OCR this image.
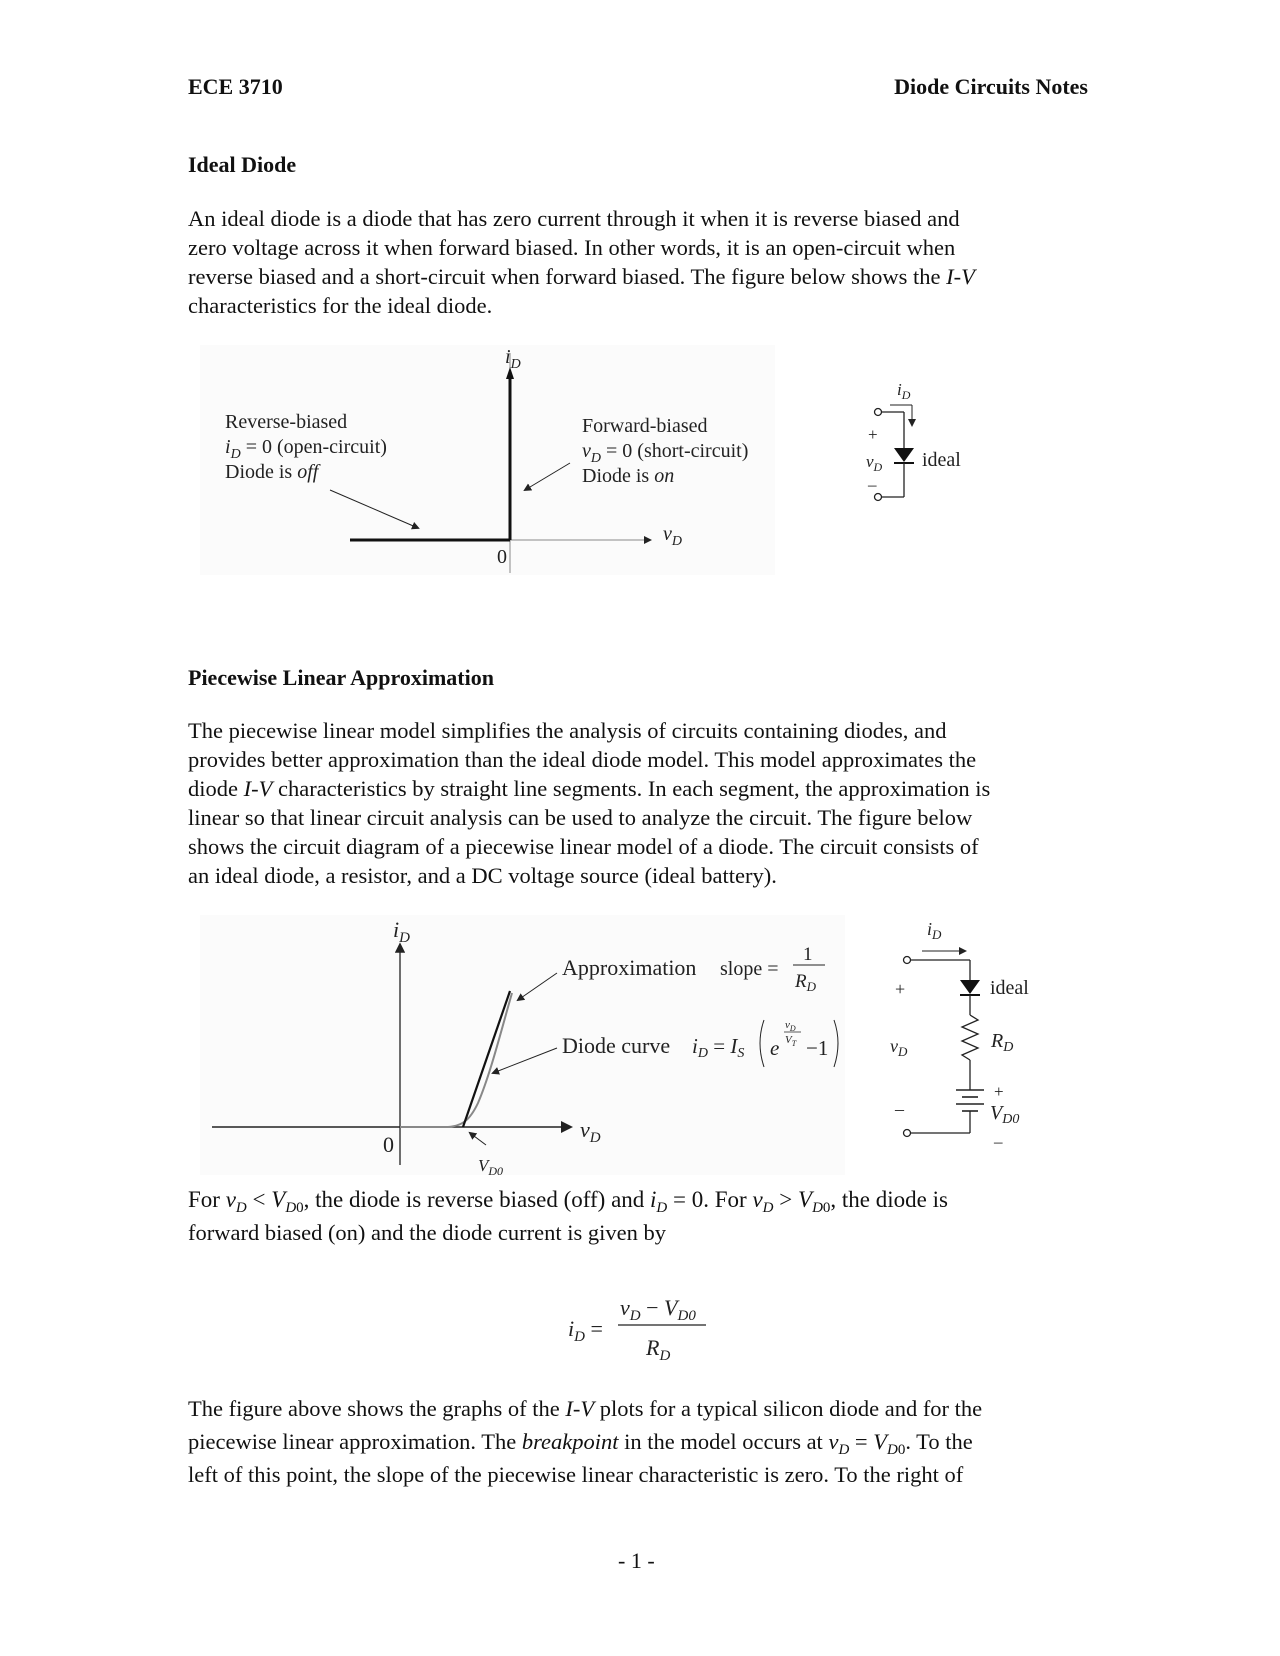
ECE 3710	Diode Circuits Notes
Ideal Diode
An ideal diode is a diode that has zero current through it when it is reverse biased and
zero voltage across it when forward biased. In other words, it is an open-circuit when
reverse biased and a short-circuit when forward biased. The figure below shows the I-V
characteristics for the ideal diode.
$i_D$
$v_D$
0
Reverse-biased
$i_D = 0$ (open-circuit)
Diode is off
Forward-biased
$v_D = 0$ (short-circuit)
Diode is on
$i_D$
+
$v_D$
–
ideal
Piecewise Linear Approximation
The piecewise linear model simplifies the analysis of circuits containing diodes, and
provides better approximation than the ideal diode model. This model approximates the
diode I-V characteristics by straight line segments. In each segment, the approximation is
linear so that linear circuit analysis can be used to analyze the circuit. The figure below
shows the circuit diagram of a piecewise linear model of a diode. The circuit consists of
an ideal diode, a resistor, and a DC voltage source (ideal battery).
$i_D$
$v_D$
0
$V_{D0}$
Approximation slope =
1
$R_D$
Diode curve iD = IS e
$v_D$
$V_T -1$
$i_D$
+
$v_D$
–
ideal
$R_D$
+
$V_{D0}$
–
For $v_D < V_{D0}$, the diode is reverse biased (off) and $i_D = 0$. For $v_D > V_{D0}$, the diode is
forward biased (on) and the diode current is given by
$i_D$ =
$v_D - V_{D0}$
$R_D$
The figure above shows the graphs of the I-V plots for a typical silicon diode and for the
piecewise linear approximation. The breakpoint in the model occurs at $v_D = V_{D0}$. To the
left of this point, the slope of the piecewise linear characteristic is zero. To the right of
- 1 -
